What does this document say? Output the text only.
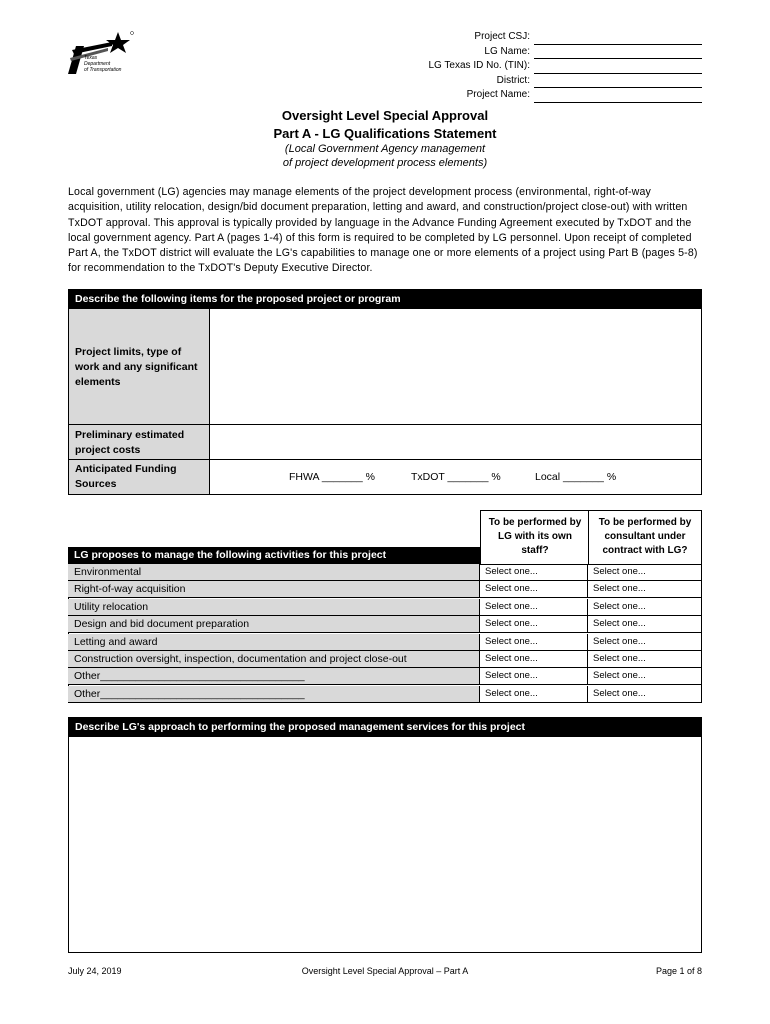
Texas
Department
of Transportation
Project CSJ:
LG Name:
LG Texas ID No. (TIN):
District:
Project Name:
Oversight Level Special Approval
Part A - LG Qualifications Statement
(Local Government Agency management
of project development process elements)
Local government (LG) agencies may manage elements of the project development process (environmental, right-of-way acquisition, utility relocation, design/bid document preparation, letting and award, and construction/project close-out) with written TxDOT approval. This approval is typically provided by language in the Advance Funding Agreement executed by TxDOT and the local government agency. Part A (pages 1-4) of this form is required to be completed by LG personnel. Upon receipt of completed Part A, the TxDOT district will evaluate the LG's capabilities to manage one or more elements of a project using Part B (pages 5-8) for recommendation to the TxDOT's Deputy Executive Director.
Describe the following items for the proposed project or program
Project limits, type of work and any significant elements
Preliminary estimated project costs
Anticipated Funding Sources
FHWA _______ %	TxDOT _______ %	Local _______ %
To be performed by LG with its own staff?
To be performed by consultant under contract with LG?
LG proposes to manage the following activities for this project
Environmental	Select one...	Select one...
Right-of-way acquisition	Select one...	Select one...
Utility relocation	Select one...	Select one...
Design and bid document preparation	Select one...	Select one...
Letting and award	Select one...	Select one...
Construction oversight, inspection, documentation and project close-out	Select one...	Select one...
Other___________________________________	Select one...	Select one...
Other___________________________________	Select one...	Select one...
Describe LG's approach to performing the proposed management services for this project
July 24, 2019	Oversight Level Special Approval – Part A	Page 1 of 8
